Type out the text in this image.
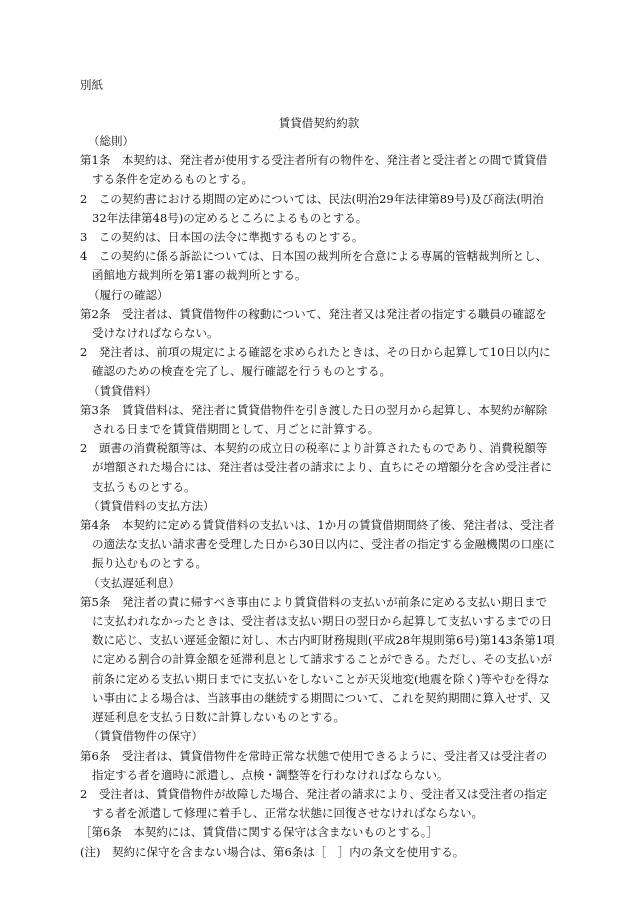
別紙
賃貸借契約約款
（総則）
第1条　本契約は、発注者が使用する受注者所有の物件を、発注者と受注者との間で賃貸借する条件を定めるものとする。
2　この契約書における期間の定めについては、民法(明治29年法律第89号)及び商法(明治32年法律第48号)の定めるところによるものとする。
3　この契約は、日本国の法令に準拠するものとする。
4　この契約に係る訴訟については、日本国の裁判所を合意による専属的管轄裁判所とし、函館地方裁判所を第1審の裁判所とする。
（履行の確認）
第2条　受注者は、賃貸借物件の稼動について、発注者又は発注者の指定する職員の確認を受けなければならない。
2　発注者は、前項の規定による確認を求められたときは、その日から起算して10日以内に確認のための検査を完了し、履行確認を行うものとする。
（賃貸借料）
第3条　賃貸借料は、発注者に賃貸借物件を引き渡した日の翌月から起算し、本契約が解除される日までを賃貸借期間として、月ごとに計算する。
2　頭書の消費税額等は、本契約の成立日の税率により計算されたものであり、消費税額等が増額された場合には、発注者は受注者の請求により、直ちにその増額分を含め受注者に支払うものとする。
（賃貸借料の支払方法）
第4条　本契約に定める賃貸借料の支払いは、1か月の賃貸借期間終了後、発注者は、受注者の適法な支払い請求書を受理した日から30日以内に、受注者の指定する金融機関の口座に振り込むものとする。
（支払遅延利息）
第5条　発注者の責に帰すべき事由により賃貸借料の支払いが前条に定める支払い期日までに支払われなかったときは、受注者は支払い期日の翌日から起算して支払いするまでの日数に応じ、支払い遅延金額に対し、木古内町財務規則(平成28年規則第6号)第143条第1項に定める割合の計算金額を延滞利息として請求することができる。ただし、その支払いが前条に定める支払い期日までに支払いをしないことが天災地変(地震を除く)等やむを得ない事由による場合は、当該事由の継続する期間について、これを契約期間に算入せず、又遅延利息を支払う日数に計算しないものとする。
（賃貸借物件の保守）
第6条　受注者は、賃貸借物件を常時正常な状態で使用できるように、受注者又は受注者の指定する者を適時に派遣し、点検・調整等を行わなければならない。
2　受注者は、賃貸借物件が故障した場合、発注者の請求により、受注者又は受注者の指定する者を派遣して修理に着手し、正常な状態に回復させなければならない。
［第6条　本契約には、賃貸借に関する保守は含まないものとする。］
(注)　契約に保守を含まない場合は、第6条は［　］内の条文を使用する。
